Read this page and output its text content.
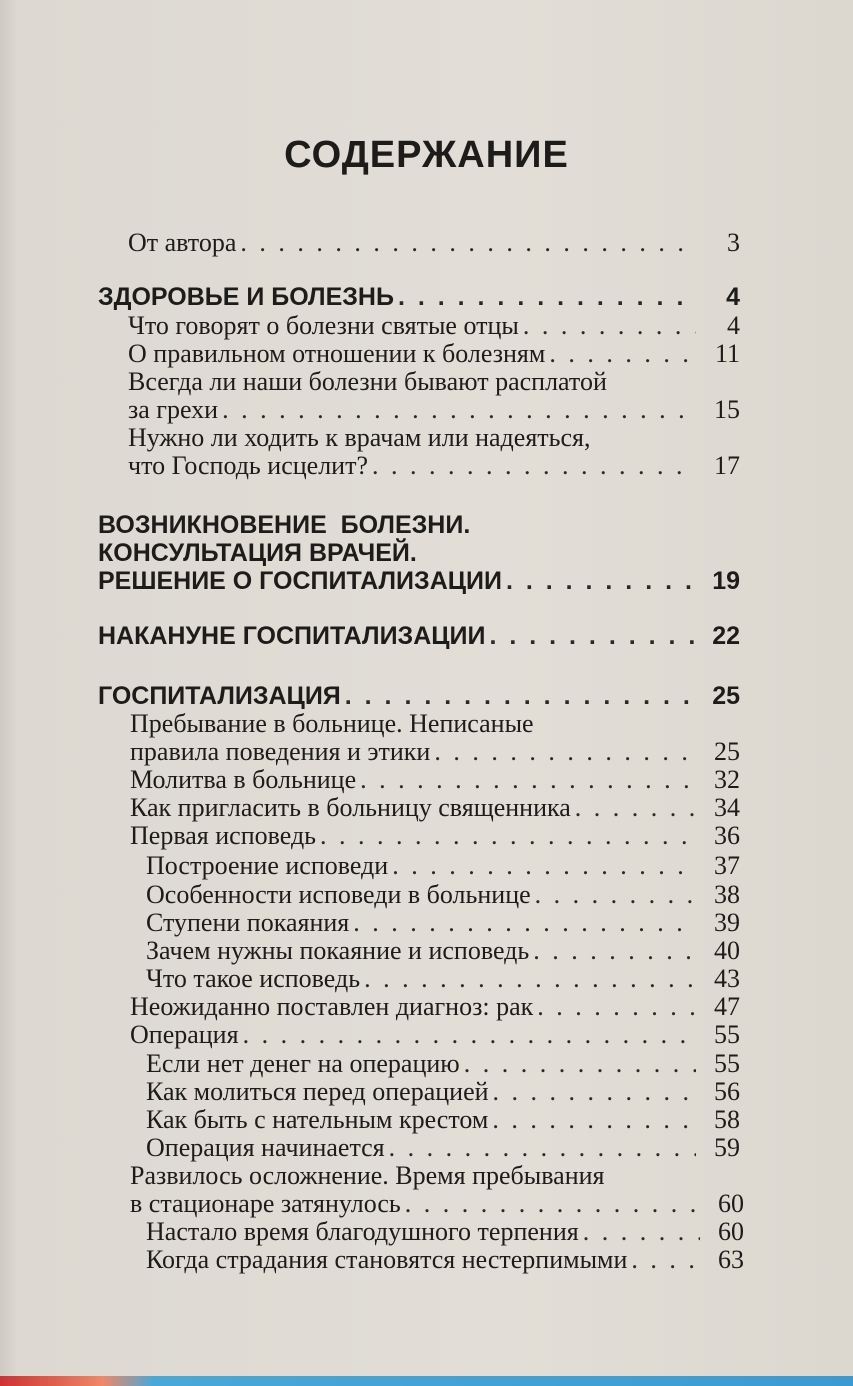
СОДЕРЖАНИЕ
От автора . . .	3
ЗДОРОВЬЕ И БОЛЕЗНЬ . . .	4
Что говорят о болезни святые отцы . . .	4
О правильном отношении к болезням . . .	11
Всегда ли наши болезни бывают расплатой
за грехи . . .	15
Нужно ли ходить к врачам или надеяться,
что Господь исцелит? . . .	17
ВОЗНИКНОВЕНИЕ  БОЛЕЗНИ.
КОНСУЛЬТАЦИЯ ВРАЧЕЙ.
РЕШЕНИЕ О ГОСПИТАЛИЗАЦИИ . . .	19
НАКАНУНЕ ГОСПИТАЛИЗАЦИИ . . .	22
ГОСПИТАЛИЗАЦИЯ . . .	25
Пребывание в больнице. Неписаные
правила поведения и этики . . .	25
Молитва в больнице . . .	32
Как пригласить в больницу священника . . .	34
Первая исповедь . . .	36
Построение исповеди . . .	37
Особенности исповеди в больнице . . .	38
Ступени покаяния . . .	39
Зачем нужны покаяние и исповедь . . .	40
Что такое исповедь . . .	43
Неожиданно поставлен диагноз: рак . . .	47
Операция . . .	55
Если нет денег на операцию . . .	55
Как молиться перед операцией . . .	56
Как быть с нательным крестом . . .	58
Операция начинается . . .	59
Развилось осложнение. Время пребывания
в стационаре затянулось . . .	60
Настало время благодушного терпения . . .	60
Когда страдания становятся нестерпимыми . . .	63
